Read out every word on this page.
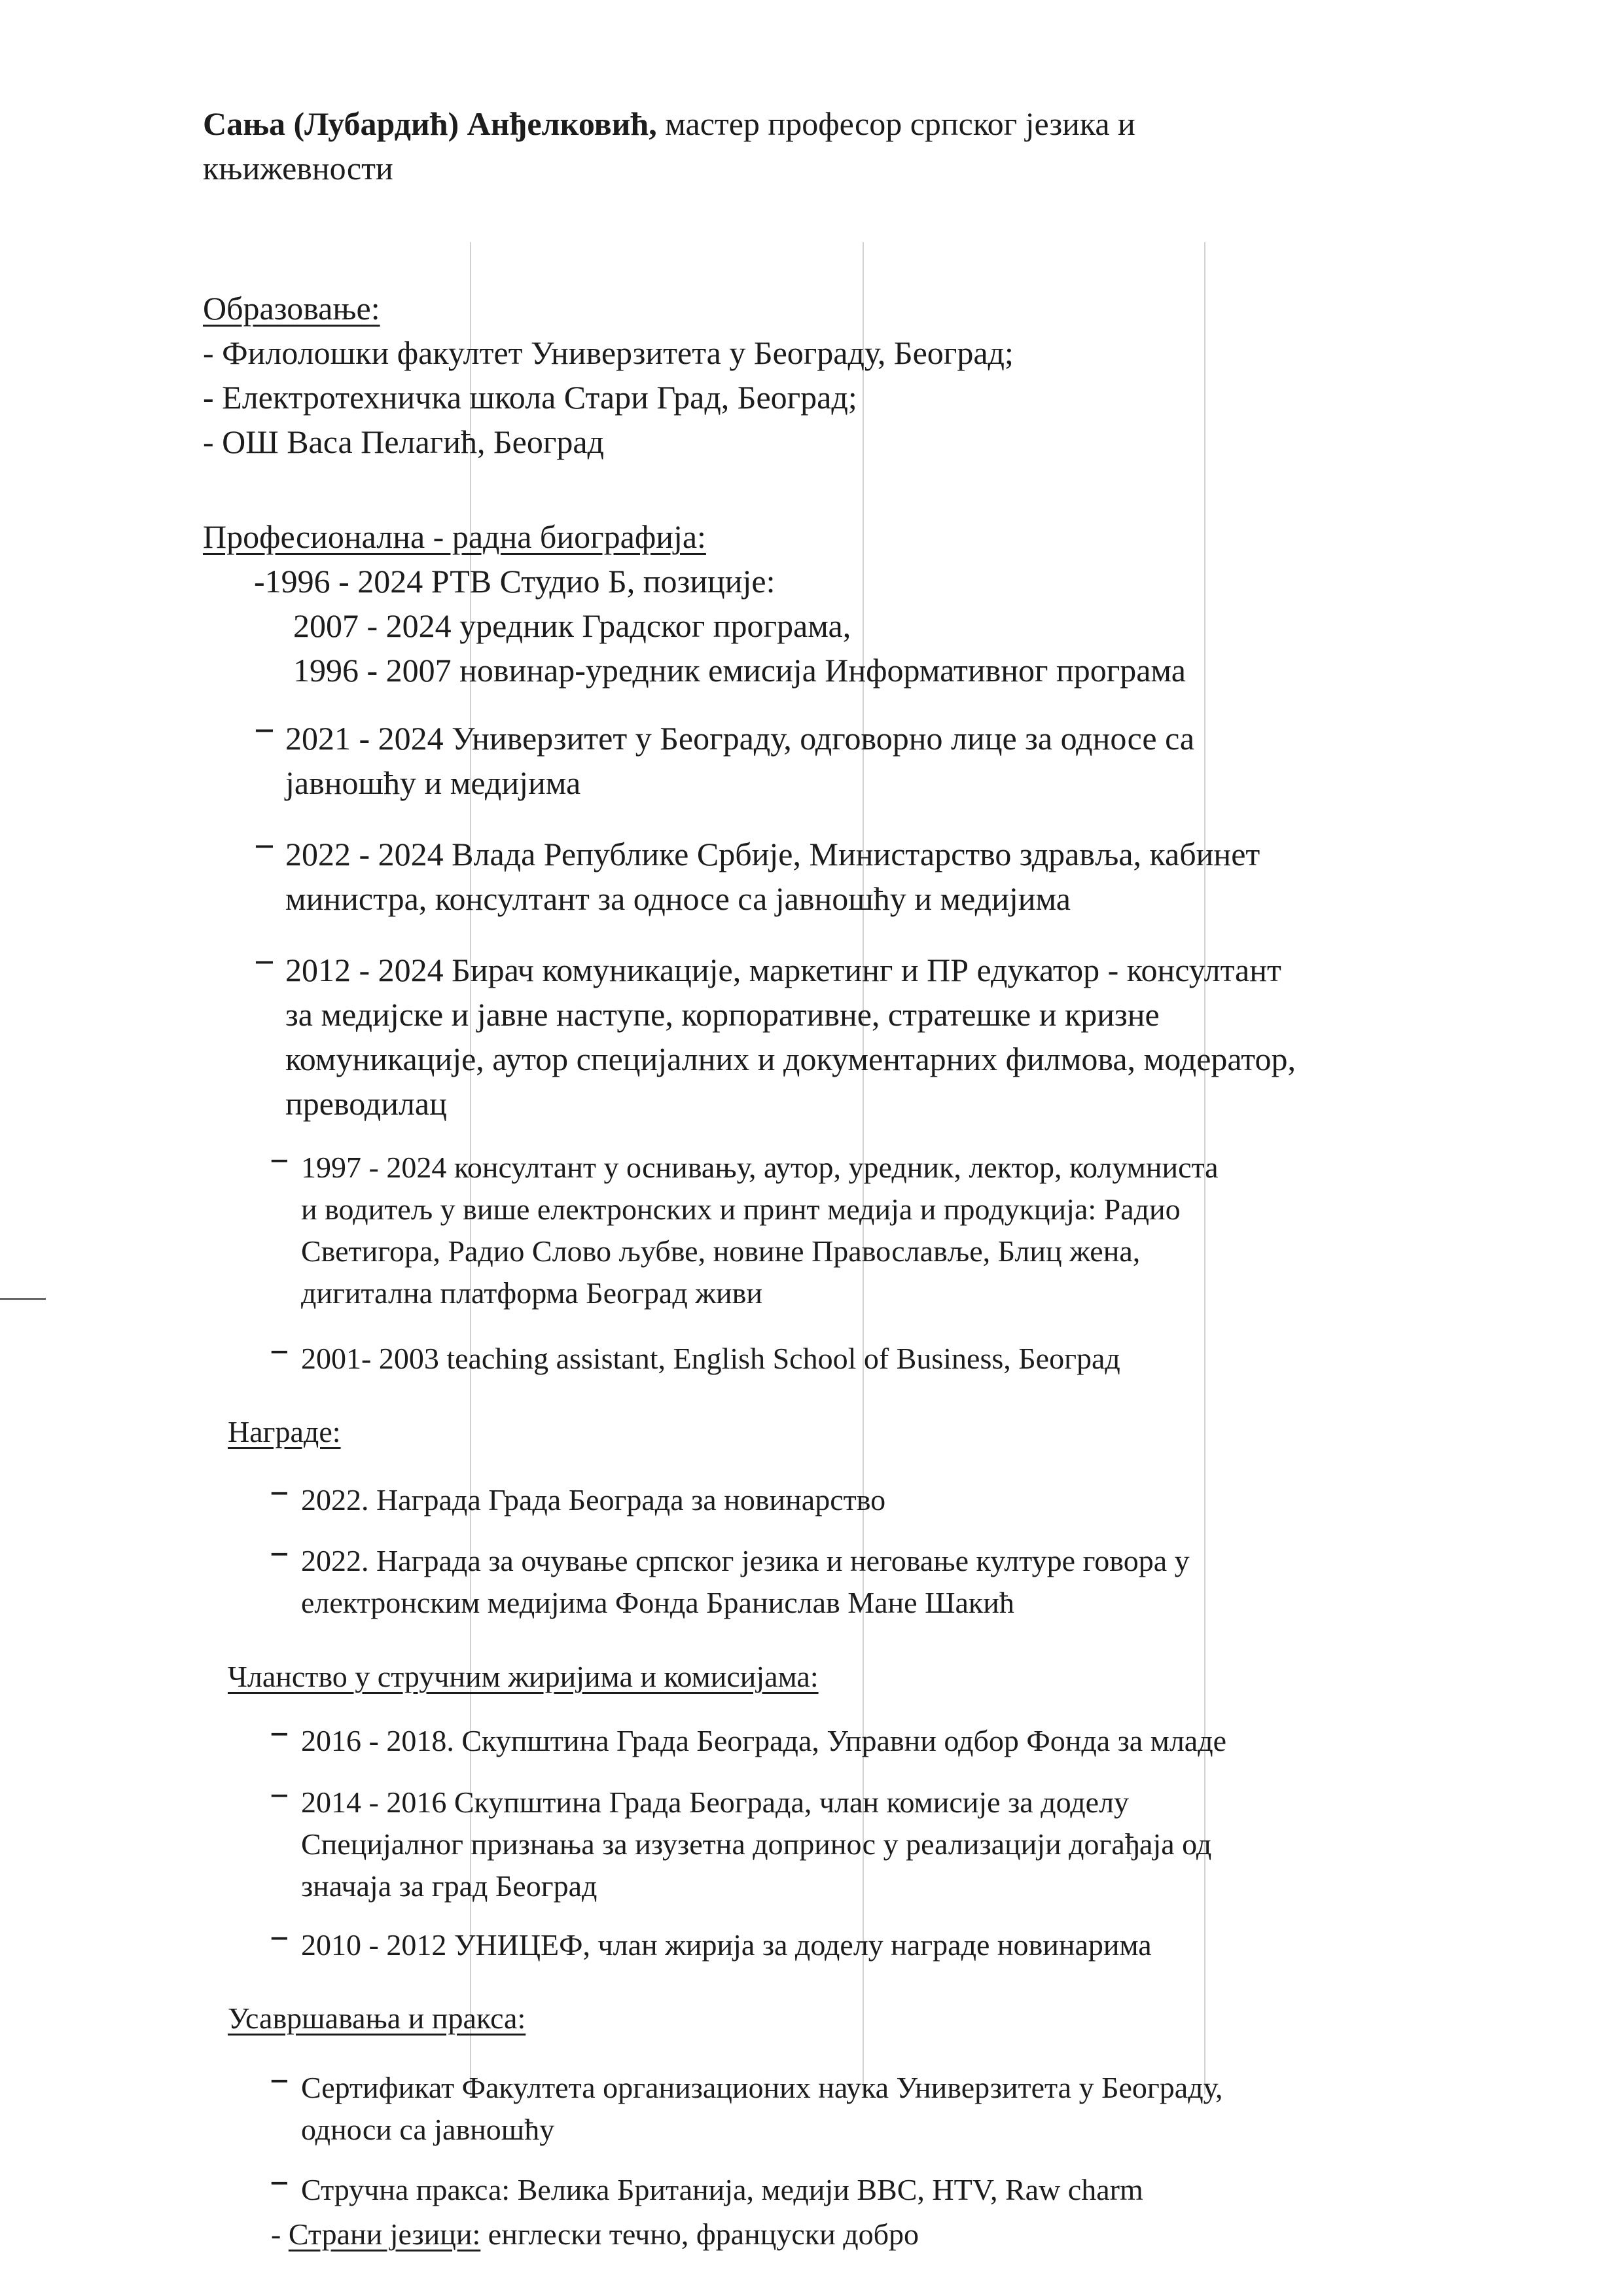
Сања (Лубардић) Анђелковић, мастер професор српског језика и
књижевности
Образовање:
- Филолошки факултет Универзитета у Београду, Београд;
- Електротехничка школа Стари Град, Београд;
- ОШ Васа Пелагић, Београд
Професионална - радна биографија:
-1996 - 2024 РТВ Студио Б, позиције:
2007 - 2024 уредник Градског програма,
1996 - 2007 новинар-уредник емисија Информативног програма
− 2021 - 2024 Универзитет у Београду, одговорно лице за односе са
јавношћу и медијима
− 2022 - 2024 Влада Републике Србије, Министарство здравља, кабинет
министра, консултант за односе са јавношћу и медијима
− 2012 - 2024 Бирач комуникације, маркетинг и ПР едукатор - консултант
за медијске и јавне наступе, корпоративне, стратешке и кризне
комуникације, аутор специјалних и документарних филмова, модератор,
преводилац
− 1997 - 2024 консултант у оснивању, аутор, уредник, лектор, колумниста
и водитељ у више електронских и принт медија и продукција: Радио
Светигора, Радио Слово љубве, новине Православље, Блиц жена,
дигитална платформа Београд живи
− 2001- 2003 teaching assistant, English School of Business, Београд
Награде:
− 2022. Награда Града Београда за новинарство
− 2022. Награда за очување српског језика и неговање културе говора у
електронским медијима Фонда Бранислав Мане Шакић
Чланство у стручним жиријима и комисијама:
− 2016 - 2018. Скупштина Града Београда, Управни одбор Фонда за младе
− 2014 - 2016 Скупштина Града Београда, члан комисије за доделу
Специјалног признања за изузетна допринос у реализацији догађаја од
значаја за град Београд
− 2010 - 2012 УНИЦЕФ, члан жирија за доделу награде новинарима
Усавршавања и пракса:
− Сертификат Факултета организационих наука Универзитета у Београду,
односи са јавношћу
− Стручна пракса: Велика Британија, медији BBC, HTV, Raw charm
- Страни језици: енглески течно, француски добро
